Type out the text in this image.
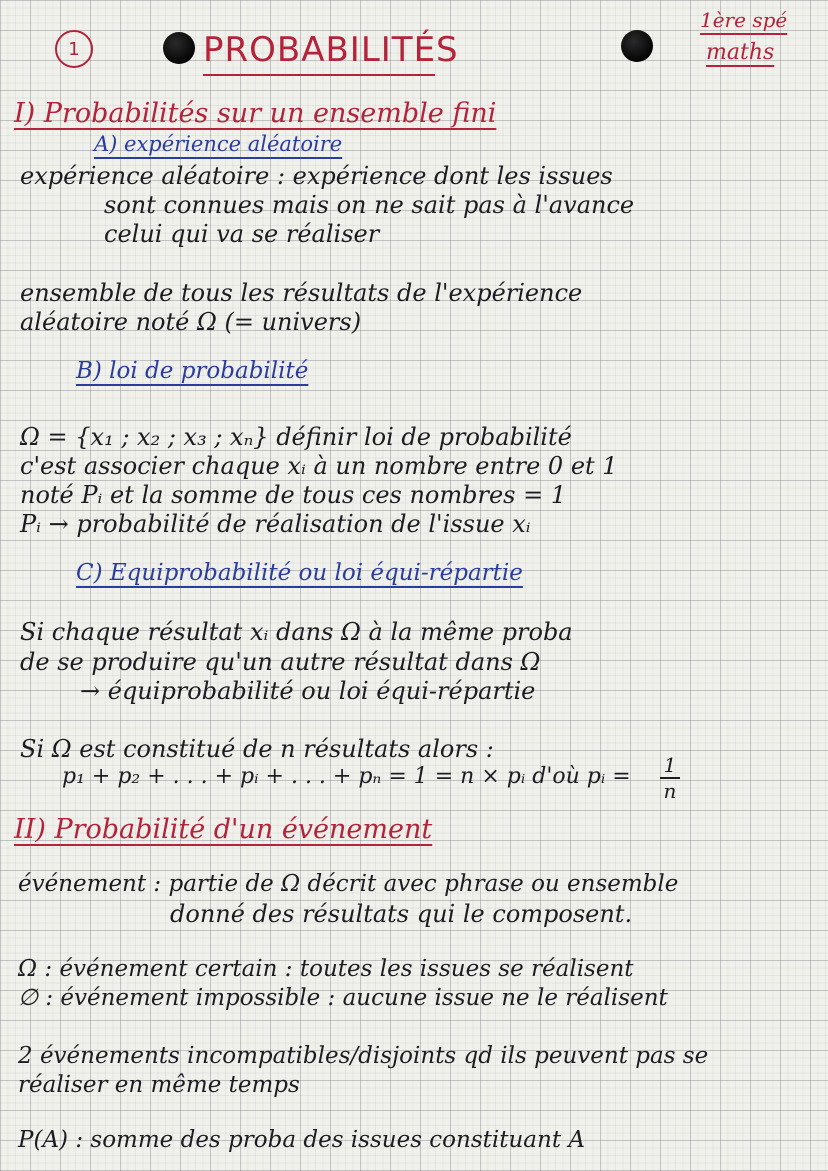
1	PROBABILITÉS
1ère spé
maths
I) Probabilités sur un ensemble fini
A) expérience aléatoire
expérience aléatoire : expérience dont les issues
sont connues mais on ne sait pas à l'avance
celui qui va se réaliser
ensemble de tous les résultats de l'expérience
aléatoire noté Ω (= univers)
B) loi de probabilité
Ω = {x₁ ; x₂ ; x₃ ; xₙ} définir loi de probabilité
c'est associer chaque xᵢ à un nombre entre 0 et 1
noté Pᵢ et la somme de tous ces nombres = 1
Pᵢ → probabilité de réalisation de l'issue xᵢ
C) Equiprobabilité ou loi équi-répartie
Si chaque résultat xᵢ dans Ω à la même proba
de se produire qu'un autre résultat dans Ω
→ équiprobabilité ou loi équi-répartie
Si Ω est constitué de n résultats alors :
p₁ + p₂ + . . . + pᵢ + . . . + pₙ = 1 = n × pᵢ d'où pᵢ = 1
n
II) Probabilité d'un événement
événement : partie de Ω décrit avec phrase ou ensemble
donné des résultats qui le composent.
Ω : événement certain : toutes les issues se réalisent
∅ : événement impossible : aucune issue ne le réalisent
2 événements incompatibles/disjoints qd ils peuvent pas se
réaliser en même temps
P(A) : somme des proba des issues constituant A
